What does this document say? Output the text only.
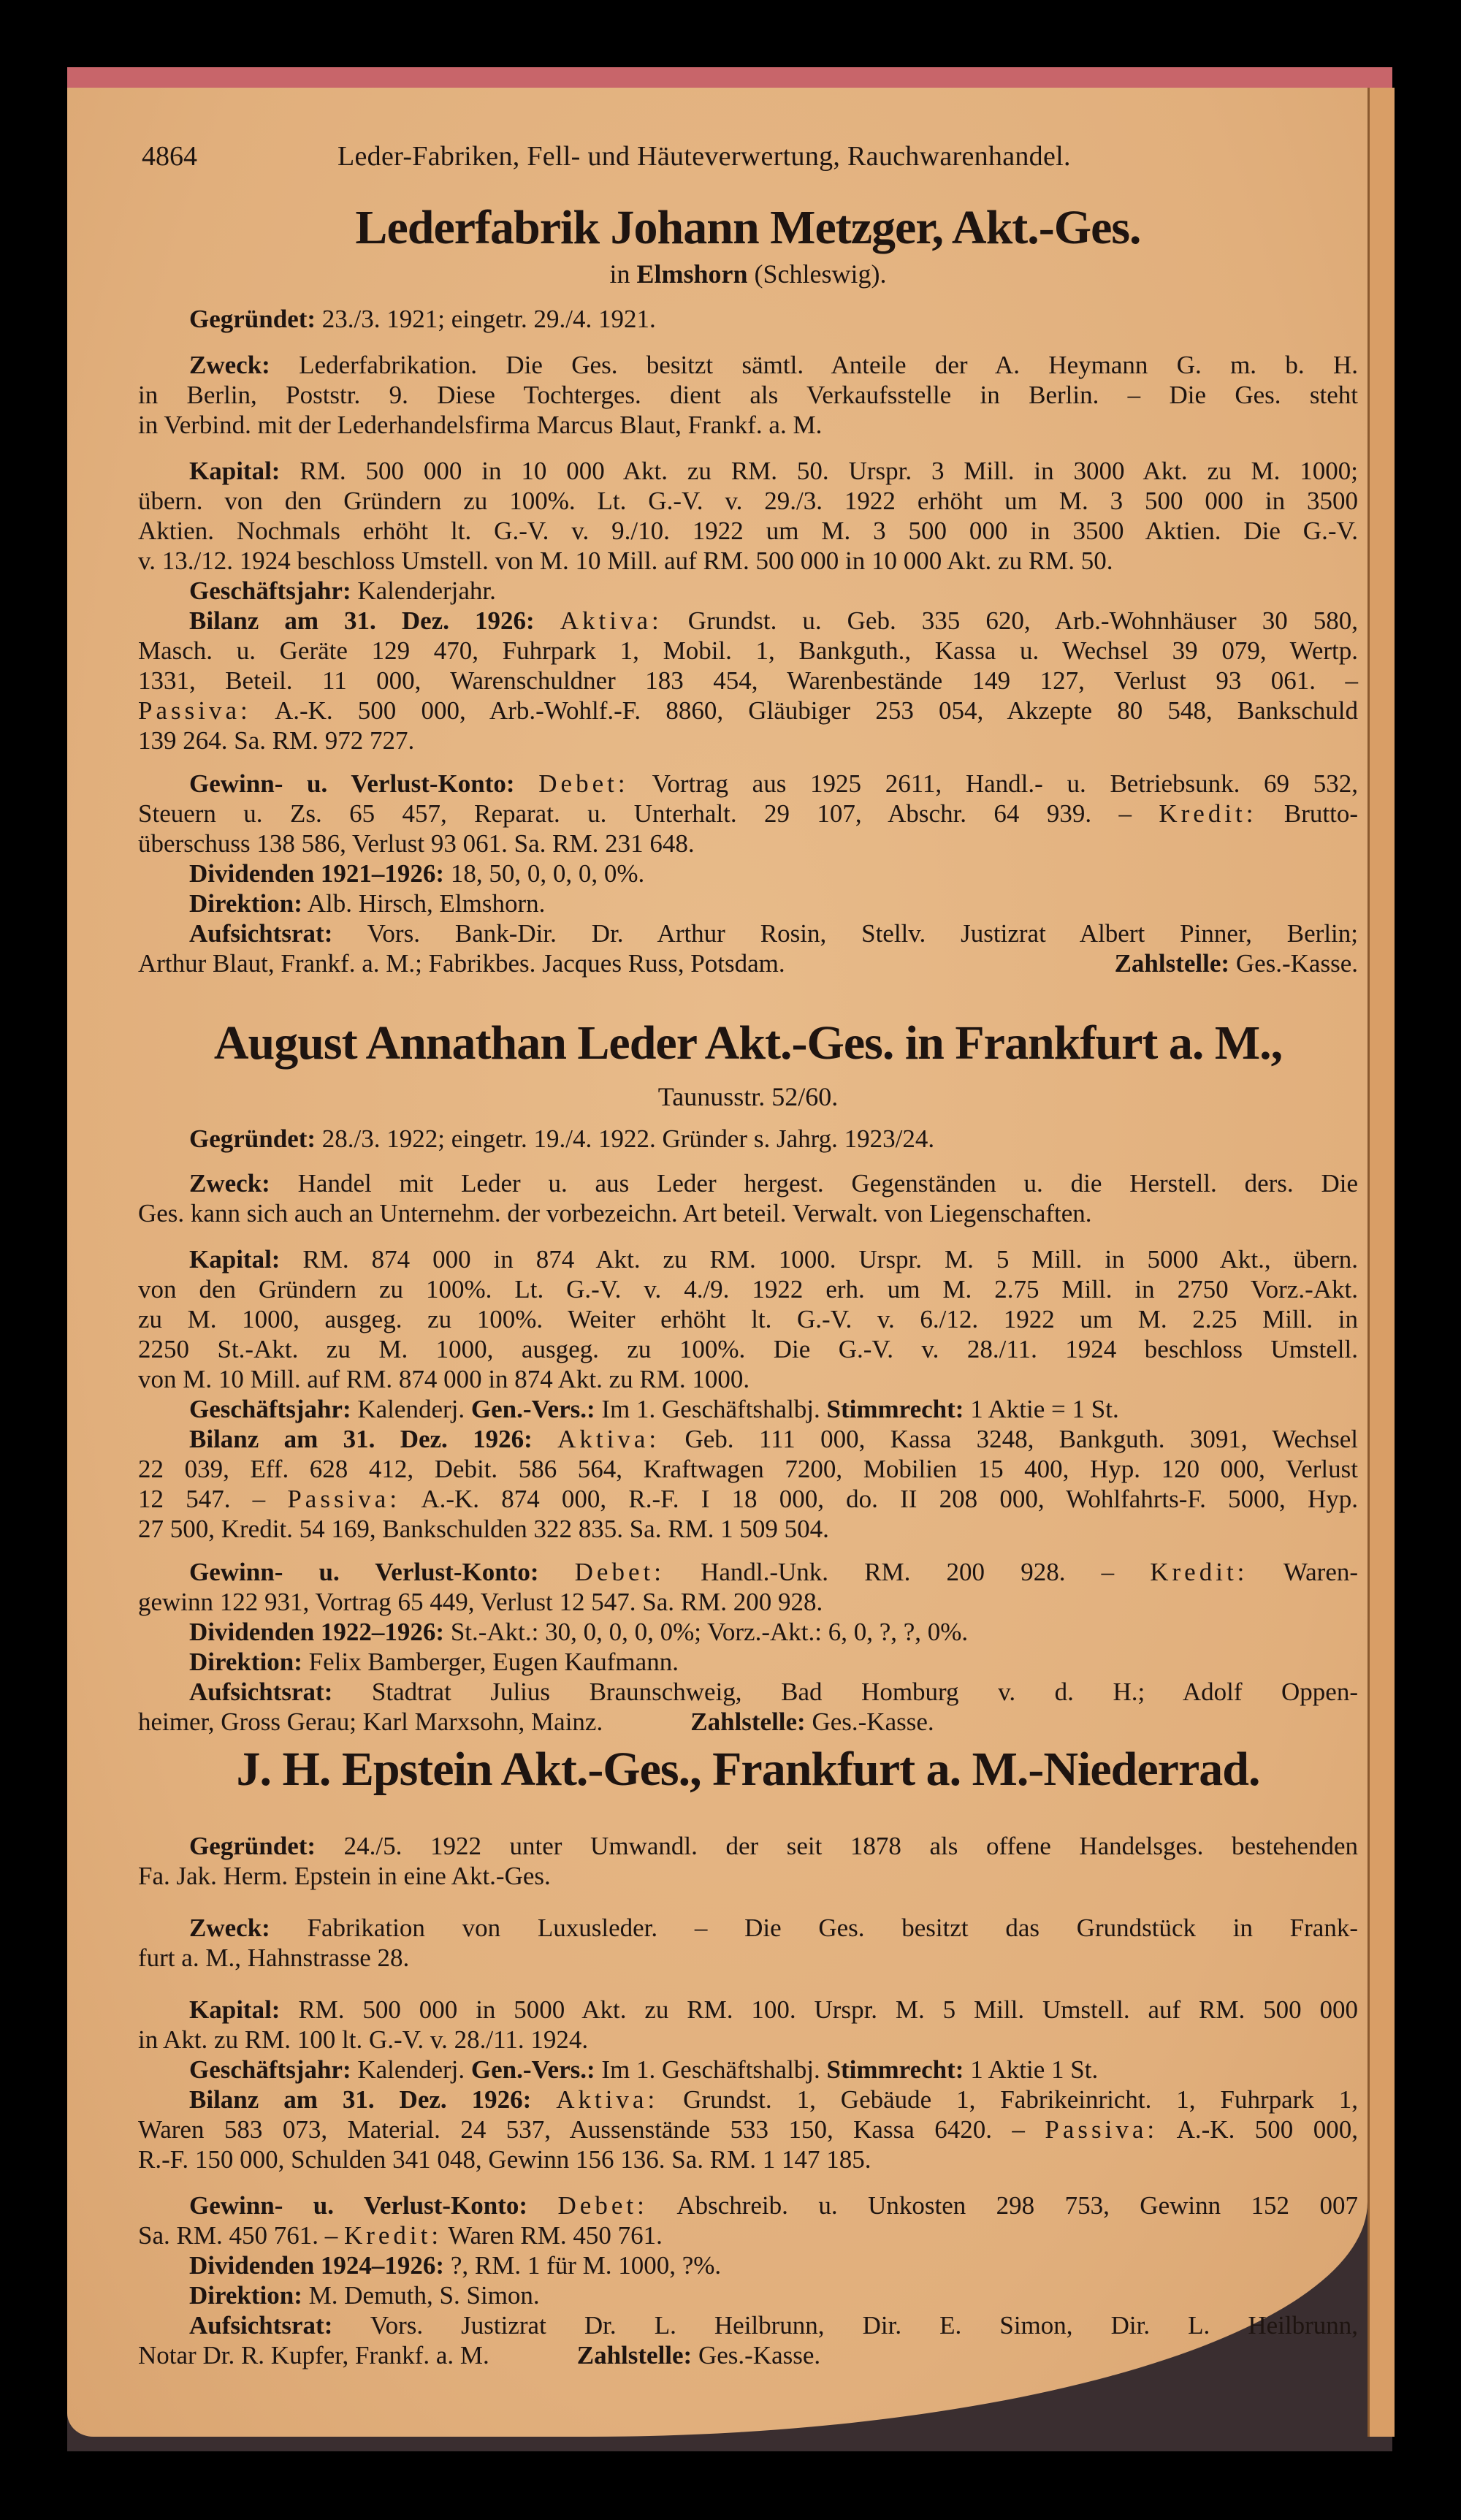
4864	Leder-Fabriken, Fell- und Häuteverwertung, Rauchwarenhandel.
Lederfabrik Johann Metzger, Akt.-Ges.
in Elmshorn (Schleswig).
Gegründet: 23./3. 1921; eingetr. 29./4. 1921.
Zweck: Lederfabrikation. Die Ges. besitzt sämtl. Anteile der A. Heymann G. m. b. H.
in Berlin, Poststr. 9. Diese Tochterges. dient als Verkaufsstelle in Berlin. – Die Ges. steht
in Verbind. mit der Lederhandelsfirma Marcus Blaut, Frankf. a. M.
Kapital: RM. 500 000 in 10 000 Akt. zu RM. 50. Urspr. 3 Mill. in 3000 Akt. zu M. 1000;
übern. von den Gründern zu 100%. Lt. G.-V. v. 29./3. 1922 erhöht um M. 3 500 000 in 3500
Aktien. Nochmals erhöht lt. G.-V. v. 9./10. 1922 um M. 3 500 000 in 3500 Aktien. Die G.-V.
v. 13./12. 1924 beschloss Umstell. von M. 10 Mill. auf RM. 500 000 in 10 000 Akt. zu RM. 50.
Geschäftsjahr: Kalenderjahr.
Bilanz am 31. Dez. 1926: Aktiva: Grundst. u. Geb. 335 620, Arb.-Wohnhäuser 30 580,
Masch. u. Geräte 129 470, Fuhrpark 1, Mobil. 1, Bankguth., Kassa u. Wechsel 39 079, Wertp.
1331, Beteil. 11 000, Warenschuldner 183 454, Warenbestände 149 127, Verlust 93 061. –
Passiva: A.-K. 500 000, Arb.-Wohlf.-F. 8860, Gläubiger 253 054, Akzepte 80 548, Bankschuld
139 264. Sa. RM. 972 727.
Gewinn- u. Verlust-Konto: Debet: Vortrag aus 1925 2611, Handl.- u. Betriebsunk. 69 532,
Steuern u. Zs. 65 457, Reparat. u. Unterhalt. 29 107, Abschr. 64 939. – Kredit: Brutto-
überschuss 138 586, Verlust 93 061. Sa. RM. 231 648.
Dividenden 1921–1926: 18, 50, 0, 0, 0, 0%.
Direktion: Alb. Hirsch, Elmshorn.
Aufsichtsrat: Vors. Bank-Dir. Dr. Arthur Rosin, Stellv. Justizrat Albert Pinner, Berlin;
Arthur Blaut, Frankf. a. M.; Fabrikbes. Jacques Russ, Potsdam.	Zahlstelle: Ges.-Kasse.
August Annathan Leder Akt.-Ges. in Frankfurt a. M.,
Taunusstr. 52/60.
Gegründet: 28./3. 1922; eingetr. 19./4. 1922. Gründer s. Jahrg. 1923/24.
Zweck: Handel mit Leder u. aus Leder hergest. Gegenständen u. die Herstell. ders. Die
Ges. kann sich auch an Unternehm. der vorbezeichn. Art beteil. Verwalt. von Liegenschaften.
Kapital: RM. 874 000 in 874 Akt. zu RM. 1000. Urspr. M. 5 Mill. in 5000 Akt., übern.
von den Gründern zu 100%. Lt. G.-V. v. 4./9. 1922 erh. um M. 2.75 Mill. in 2750 Vorz.-Akt.
zu M. 1000, ausgeg. zu 100%. Weiter erhöht lt. G.-V. v. 6./12. 1922 um M. 2.25 Mill. in
2250 St.-Akt. zu M. 1000, ausgeg. zu 100%. Die G.-V. v. 28./11. 1924 beschloss Umstell.
von M. 10 Mill. auf RM. 874 000 in 874 Akt. zu RM. 1000.
Geschäftsjahr: Kalenderj. Gen.-Vers.: Im 1. Geschäftshalbj. Stimmrecht: 1 Aktie = 1 St.
Bilanz am 31. Dez. 1926: Aktiva: Geb. 111 000, Kassa 3248, Bankguth. 3091, Wechsel
22 039, Eff. 628 412, Debit. 586 564, Kraftwagen 7200, Mobilien 15 400, Hyp. 120 000, Verlust
12 547. – Passiva: A.-K. 874 000, R.-F. I 18 000, do. II 208 000, Wohlfahrts-F. 5000, Hyp.
27 500, Kredit. 54 169, Bankschulden 322 835. Sa. RM. 1 509 504.
Gewinn- u. Verlust-Konto: Debet: Handl.-Unk. RM. 200 928. – Kredit: Waren-
gewinn 122 931, Vortrag 65 449, Verlust 12 547. Sa. RM. 200 928.
Dividenden 1922–1926: St.-Akt.: 30, 0, 0, 0, 0%; Vorz.-Akt.: 6, 0, ?, ?, 0%.
Direktion: Felix Bamberger, Eugen Kaufmann.
Aufsichtsrat: Stadtrat Julius Braunschweig, Bad Homburg v. d. H.; Adolf Oppen-
heimer, Gross Gerau; Karl Marxsohn, Mainz.	Zahlstelle: Ges.-Kasse.
J. H. Epstein Akt.-Ges., Frankfurt a. M.-Niederrad.
Gegründet: 24./5. 1922 unter Umwandl. der seit 1878 als offene Handelsges. bestehenden
Fa. Jak. Herm. Epstein in eine Akt.-Ges.
Zweck: Fabrikation von Luxusleder. – Die Ges. besitzt das Grundstück in Frank-
furt a. M., Hahnstrasse 28.
Kapital: RM. 500 000 in 5000 Akt. zu RM. 100. Urspr. M. 5 Mill. Umstell. auf RM. 500 000
in Akt. zu RM. 100 lt. G.-V. v. 28./11. 1924.
Geschäftsjahr: Kalenderj. Gen.-Vers.: Im 1. Geschäftshalbj. Stimmrecht: 1 Aktie 1 St.
Bilanz am 31. Dez. 1926: Aktiva: Grundst. 1, Gebäude 1, Fabrikeinricht. 1, Fuhrpark 1,
Waren 583 073, Material. 24 537, Aussenstände 533 150, Kassa 6420. – Passiva: A.-K. 500 000,
R.-F. 150 000, Schulden 341 048, Gewinn 156 136. Sa. RM. 1 147 185.
Gewinn- u. Verlust-Konto: Debet: Abschreib. u. Unkosten 298 753, Gewinn 152 007
Sa. RM. 450 761. – Kredit: Waren RM. 450 761.
Dividenden 1924–1926: ?, RM. 1 für M. 1000, ?%.
Direktion: M. Demuth, S. Simon.
Aufsichtsrat: Vors. Justizrat Dr. L. Heilbrunn, Dir. E. Simon, Dir. L. Heilbrunn,
Notar Dr. R. Kupfer, Frankf. a. M.	Zahlstelle: Ges.-Kasse.
